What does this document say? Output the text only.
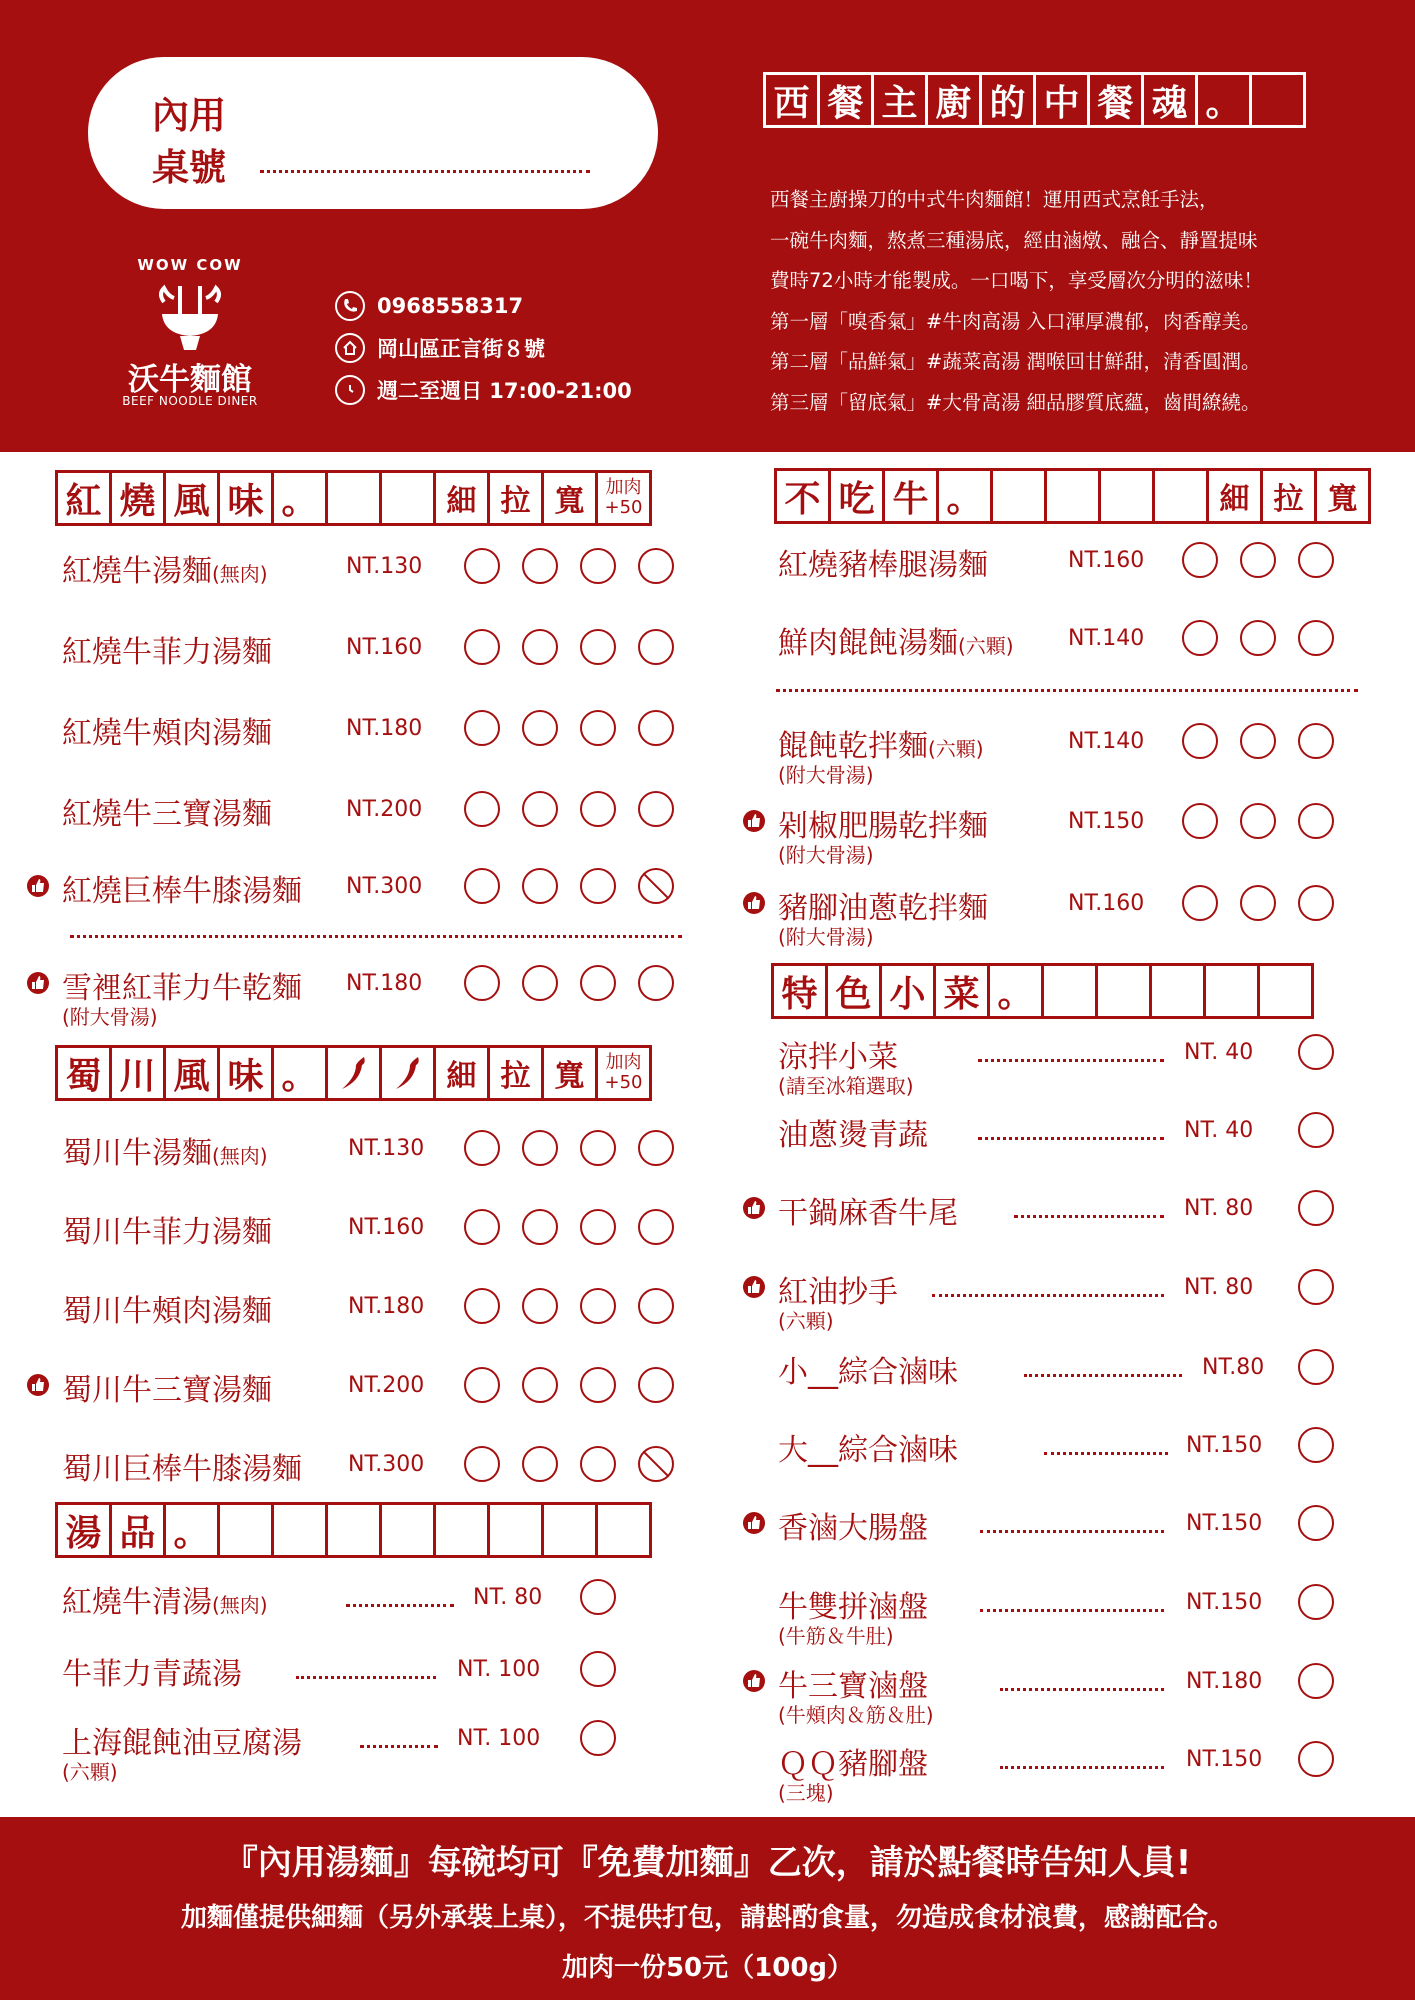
內用
桌號
WOW COW
沃牛麵館
BEEF NOODLE DINER
0968558317
岡山區正言街８號
週二至週日 17:00-21:00
西 餐 主 廚 的 中 餐 魂 。
西餐主廚操刀的中式牛肉麵館！運用西式烹飪手法，
一碗牛肉麵，熬煮三種湯底，經由滷燉、融合、靜置提味
費時72小時才能製成。一口喝下，享受層次分明的滋味！
第一層「嗅香氣」#牛肉高湯 入口渾厚濃郁，肉香醇美。
第二層「品鮮氣」#蔬菜高湯 潤喉回甘鮮甜，清香圓潤。
第三層「留底氣」#大骨高湯 細品膠質底蘊，齒間繚繞。
紅 燒 風 味 。	細 拉 寬	加肉
+50
紅燒牛湯麵(無肉)	NT.130
紅燒牛菲力湯麵	NT.160
紅燒牛頰肉湯麵	NT.180
紅燒牛三寶湯麵	NT.200
紅燒巨棒牛膝湯麵 NT.300
雪裡紅菲力牛乾麵
(附大骨湯)
NT.180
蜀 川 風 味 。	細 拉 寬	加肉
+50
蜀川牛湯麵(無肉)	NT.130
蜀川牛菲力湯麵	NT.160
蜀川牛頰肉湯麵	NT.180
蜀川牛三寶湯麵	NT.200
蜀川巨棒牛膝湯麵 NT.300
湯 品 。
紅燒牛清湯(無肉)	NT. 80
牛菲力青蔬湯	NT. 100
上海餛飩油豆腐湯
(六顆)
NT. 100
不 吃 牛 。	細 拉 寬
紅燒豬棒腿湯麵	NT.160
鮮肉餛飩湯麵(六顆) NT.140
餛飩乾拌麵(六顆)
(附大骨湯)
NT.140
剁椒肥腸乾拌麵
(附大骨湯)
NT.150
豬腳油蔥乾拌麵
(附大骨湯)
NT.160
特 色 小 菜 。
涼拌小菜
(請至冰箱選取)
NT. 40
油蔥燙青蔬	NT. 40
干鍋麻香牛尾	NT. 80
紅油抄手
(六顆)
NT. 80
小__綜合滷味	NT.80
大__綜合滷味	NT.150
香滷大腸盤	NT.150
牛雙拼滷盤
(牛筋＆牛肚)
NT.150
牛三寶滷盤
(牛頰肉＆筋＆肚)
NT.180
ＱＱ豬腳盤
(三塊)
NT.150
『內用湯麵』每碗均可『免費加麵』乙次，請於點餐時告知人員!
加麵僅提供細麵（另外承裝上桌），不提供打包，請斟酌食量，勿造成食材浪費，感謝配合。
加肉一份50元（100g）
